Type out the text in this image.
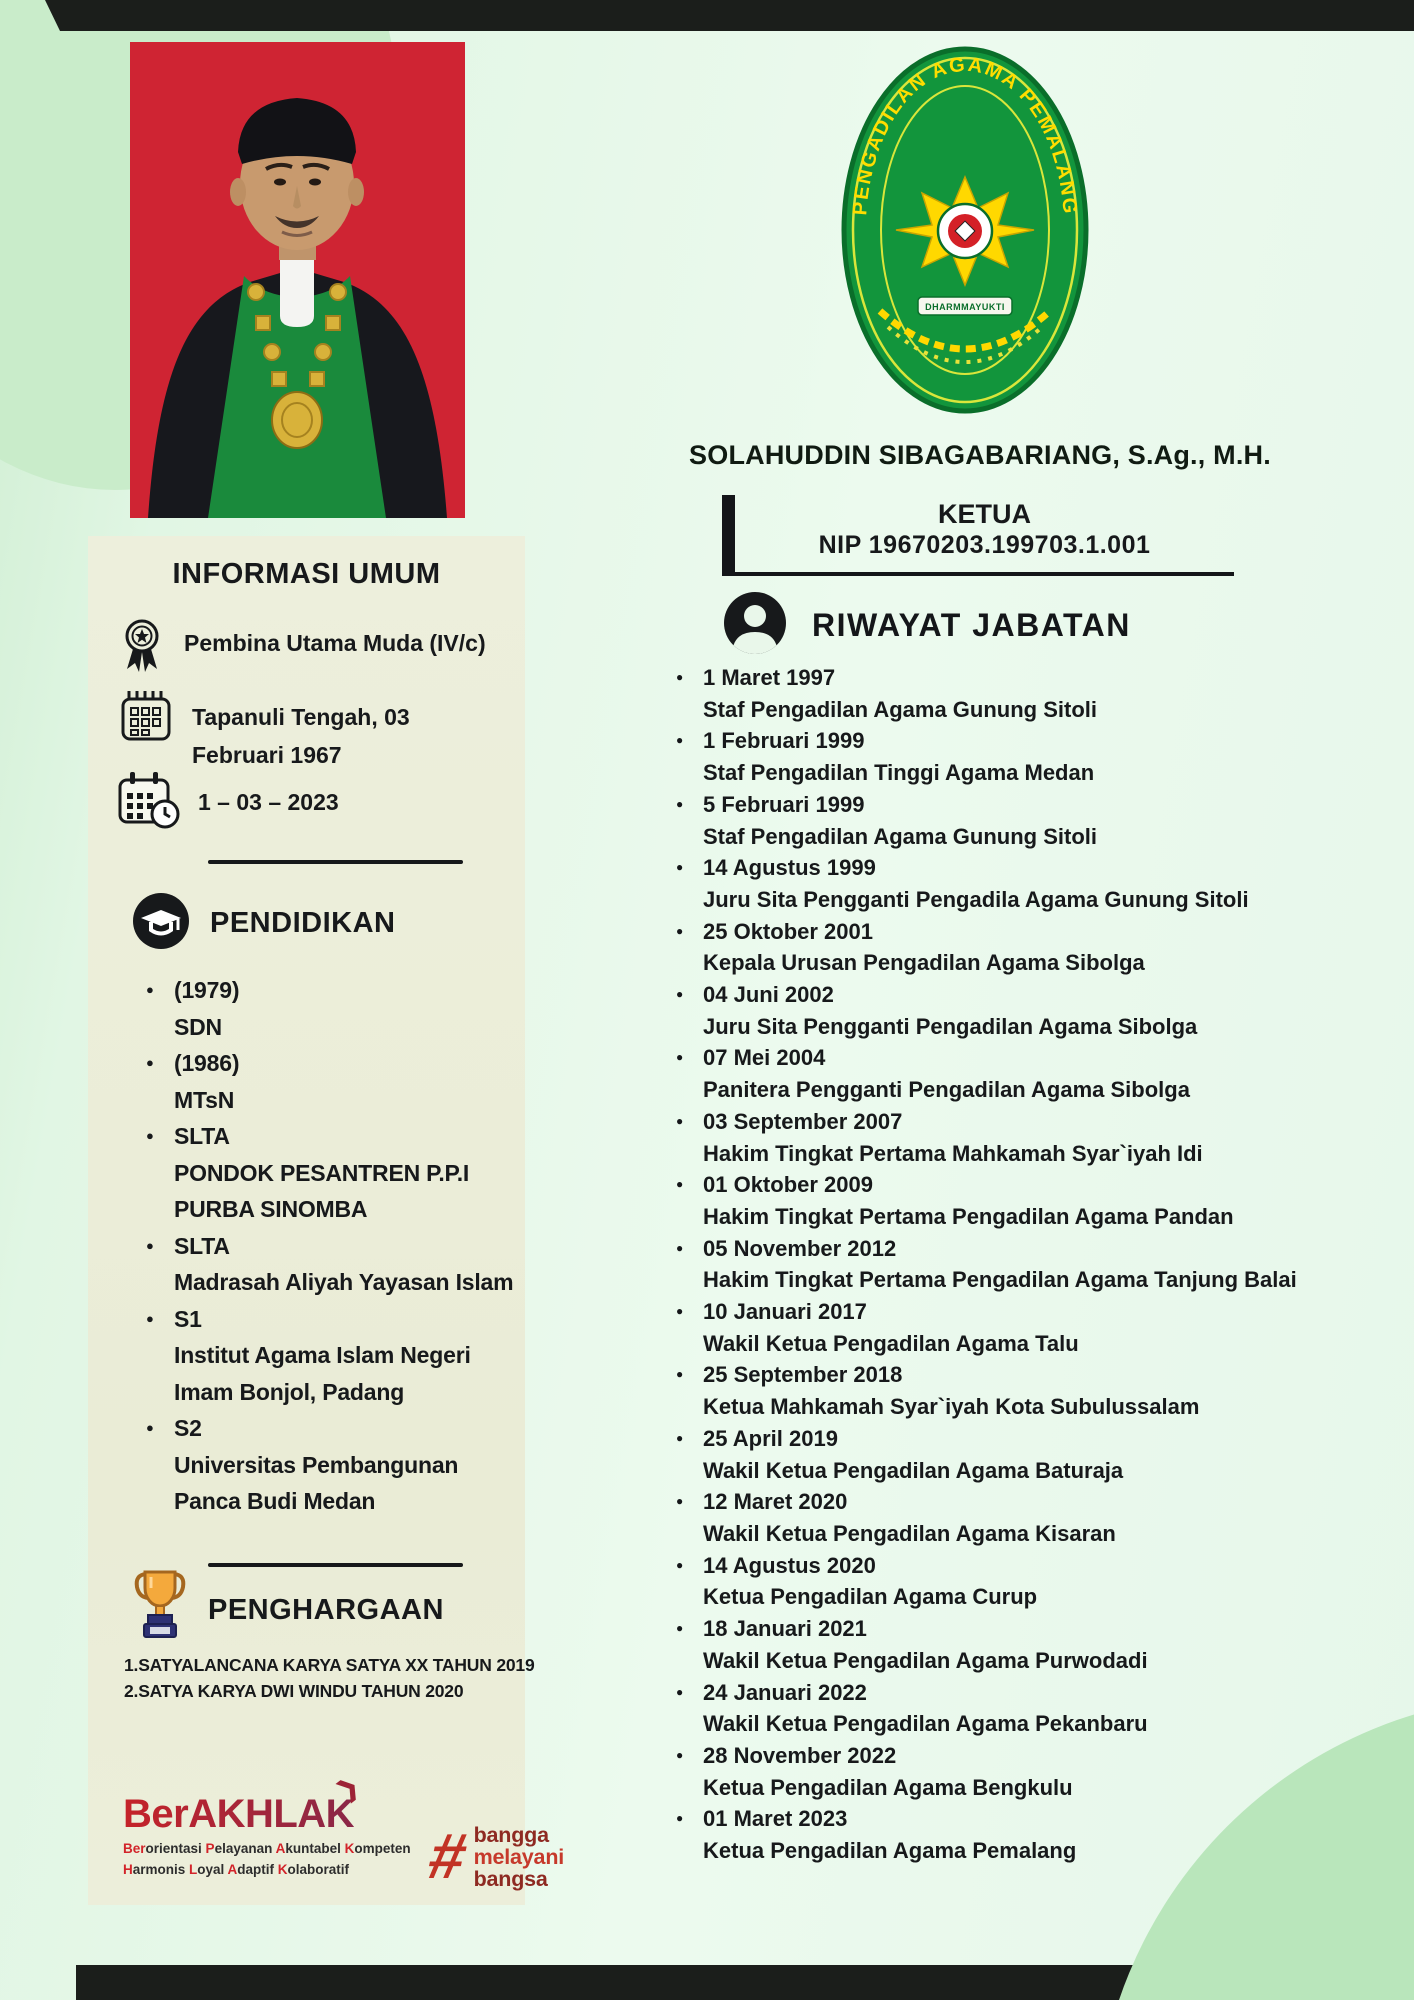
PENGADILAN AGAMA PEMALANG
DHARMMAYUKTI
SOLAHUDDIN SIBAGABARIANG, S.Ag., M.H.
KETUA
NIP 19670203.199703.1.001
RIWAYAT JABATAN
● 1 Maret 1997
Staf Pengadilan Agama Gunung Sitoli
● 1 Februari 1999
Staf Pengadilan Tinggi Agama Medan
● 5 Februari 1999
Staf Pengadilan Agama Gunung Sitoli
● 14 Agustus 1999
Juru Sita Pengganti Pengadila Agama Gunung Sitoli
● 25 Oktober 2001
Kepala Urusan Pengadilan Agama Sibolga
● 04 Juni 2002
Juru Sita Pengganti Pengadilan Agama Sibolga
● 07 Mei 2004
Panitera Pengganti Pengadilan Agama Sibolga
● 03 September 2007
Hakim Tingkat Pertama Mahkamah Syar`iyah Idi
● 01 Oktober 2009
Hakim Tingkat Pertama Pengadilan Agama Pandan
● 05 November 2012
Hakim Tingkat Pertama Pengadilan Agama Tanjung Balai
● 10 Januari 2017
Wakil Ketua Pengadilan Agama Talu
● 25 September 2018
Ketua Mahkamah Syar`iyah Kota Subulussalam
● 25 April 2019
Wakil Ketua Pengadilan Agama Baturaja
● 12 Maret 2020
Wakil Ketua Pengadilan Agama Kisaran
● 14 Agustus 2020
Ketua Pengadilan Agama Curup
● 18 Januari 2021
Wakil Ketua Pengadilan Agama Purwodadi
● 24 Januari 2022
Wakil Ketua Pengadilan Agama Pekanbaru
● 28 November 2022
Ketua Pengadilan Agama Bengkulu
● 01 Maret 2023
Ketua Pengadilan Agama Pemalang
INFORMASI UMUM
Pembina Utama Muda (IV/c)
Tapanuli Tengah, 03 Februari 1967
1 – 03 – 2023
PENDIDIKAN
● (1979)
SDN
● (1986)
MTsN
● SLTA
PONDOK PESANTREN P.P.I
PURBA SINOMBA
● SLTA
Madrasah Aliyah Yayasan Islam
● S1
Institut Agama Islam Negeri
Imam Bonjol, Padang
● S2
Universitas Pembangunan
Panca Budi Medan
PENGHARGAAN
1.SATYALANCANA KARYA SATYA XX TAHUN 2019
2.SATYA KARYA DWI WINDU TAHUN 2020
BerAKHLAK
❯
Berorientasi Pelayanan Akuntabel Kompeten
Harmonis Loyal Adaptif Kolaboratif	# bangga
melayani
bangsa
